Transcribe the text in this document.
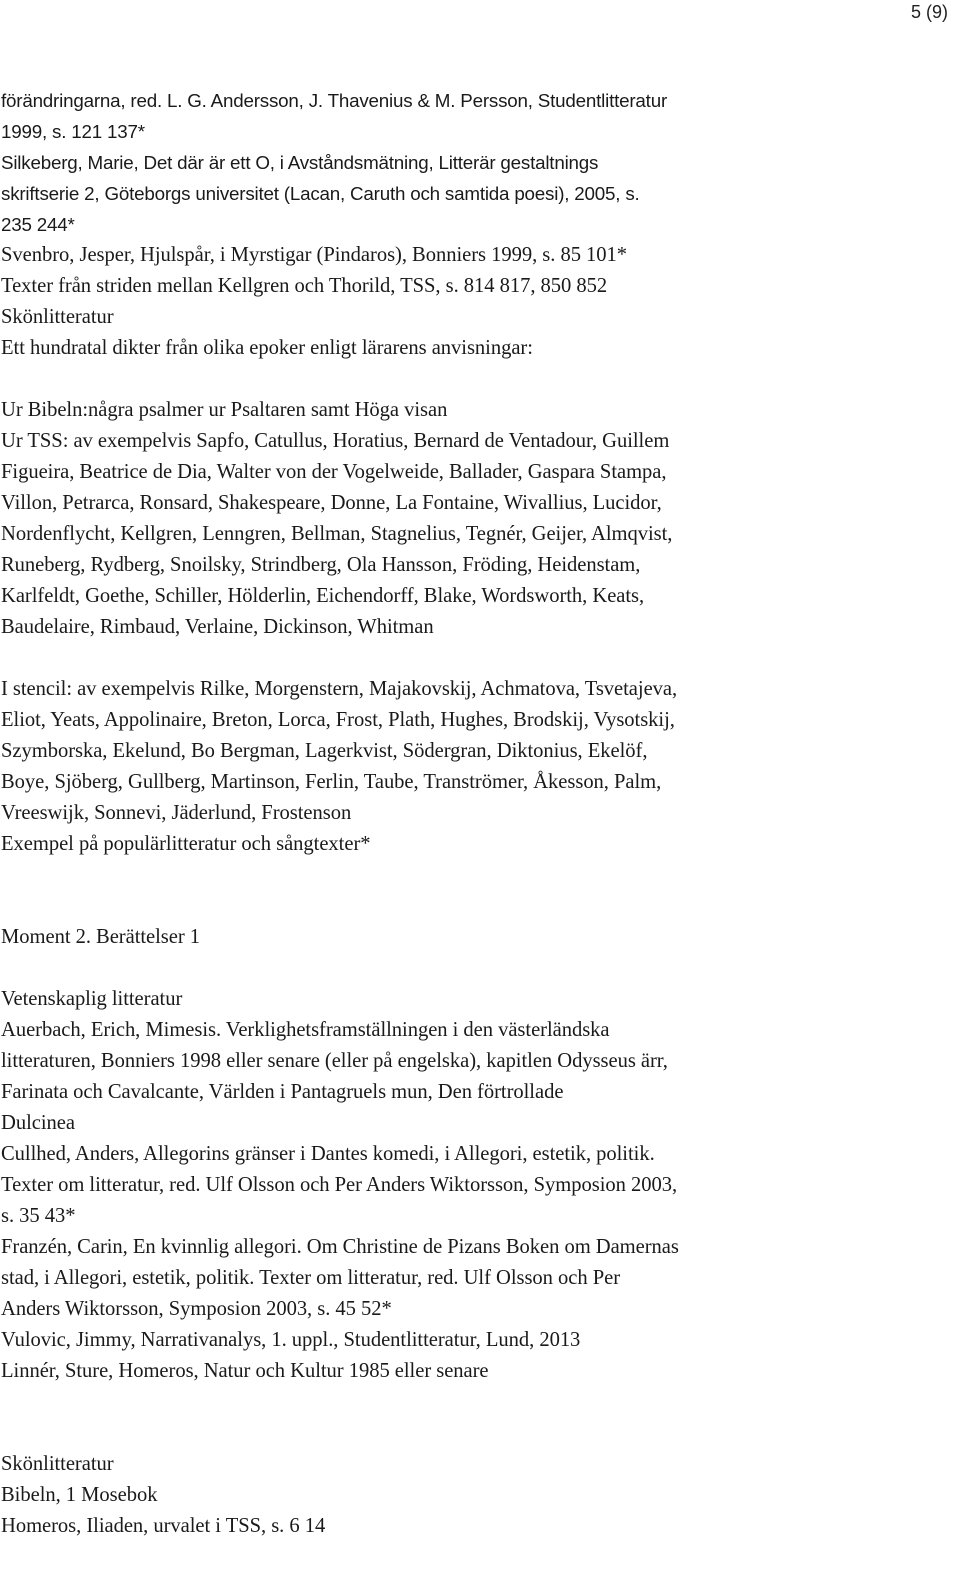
5 (9)
förändringarna, red. L. G. Andersson, J. Thavenius & M. Persson, Studentlitteratur
1999, s. 121 137*
Silkeberg, Marie, Det där är ett O, i Avståndsmätning, Litterär gestaltnings
skriftserie 2, Göteborgs universitet (Lacan, Caruth och samtida poesi), 2005, s.
235 244*
Svenbro, Jesper, Hjulspår, i Myrstigar (Pindaros), Bonniers 1999, s. 85 101*
Texter från striden mellan Kellgren och Thorild, TSS, s. 814 817, 850 852
Skönlitteratur
Ett hundratal dikter från olika epoker enligt lärarens anvisningar:
Ur Bibeln:några psalmer ur Psaltaren samt Höga visan
Ur TSS: av exempelvis Sapfo, Catullus, Horatius, Bernard de Ventadour, Guillem
Figueira, Beatrice de Dia, Walter von der Vogelweide, Ballader, Gaspara Stampa,
Villon, Petrarca, Ronsard, Shakespeare, Donne, La Fontaine, Wivallius, Lucidor,
Nordenflycht, Kellgren, Lenngren, Bellman, Stagnelius, Tegnér, Geijer, Almqvist,
Runeberg, Rydberg, Snoilsky, Strindberg, Ola Hansson, Fröding, Heidenstam,
Karlfeldt, Goethe, Schiller, Hölderlin, Eichendorff, Blake, Wordsworth, Keats,
Baudelaire, Rimbaud, Verlaine, Dickinson, Whitman
I stencil: av exempelvis Rilke, Morgenstern, Majakovskij, Achmatova, Tsvetajeva,
Eliot, Yeats, Appolinaire, Breton, Lorca, Frost, Plath, Hughes, Brodskij, Vysotskij,
Szymborska, Ekelund, Bo Bergman, Lagerkvist, Södergran, Diktonius, Ekelöf,
Boye, Sjöberg, Gullberg, Martinson, Ferlin, Taube, Tranströmer, Åkesson, Palm,
Vreeswijk, Sonnevi, Jäderlund, Frostenson
Exempel på populärlitteratur och sångtexter*
Moment 2. Berättelser 1
Vetenskaplig litteratur
Auerbach, Erich, Mimesis. Verklighetsframställningen i den västerländska
litteraturen, Bonniers 1998 eller senare (eller på engelska), kapitlen Odysseus ärr,
Farinata och Cavalcante, Världen i Pantagruels mun, Den förtrollade
Dulcinea
Cullhed, Anders, Allegorins gränser i Dantes komedi, i Allegori, estetik, politik.
Texter om litteratur, red. Ulf Olsson och Per Anders Wiktorsson, Symposion 2003,
s. 35 43*
Franzén, Carin, En kvinnlig allegori. Om Christine de Pizans Boken om Damernas
stad, i Allegori, estetik, politik. Texter om litteratur, red. Ulf Olsson och Per
Anders Wiktorsson, Symposion 2003, s. 45 52*
Vulovic, Jimmy, Narrativanalys, 1. uppl., Studentlitteratur, Lund, 2013
Linnér, Sture, Homeros, Natur och Kultur 1985 eller senare
Skönlitteratur
Bibeln, 1 Mosebok
Homeros, Iliaden, urvalet i TSS, s. 6 14
